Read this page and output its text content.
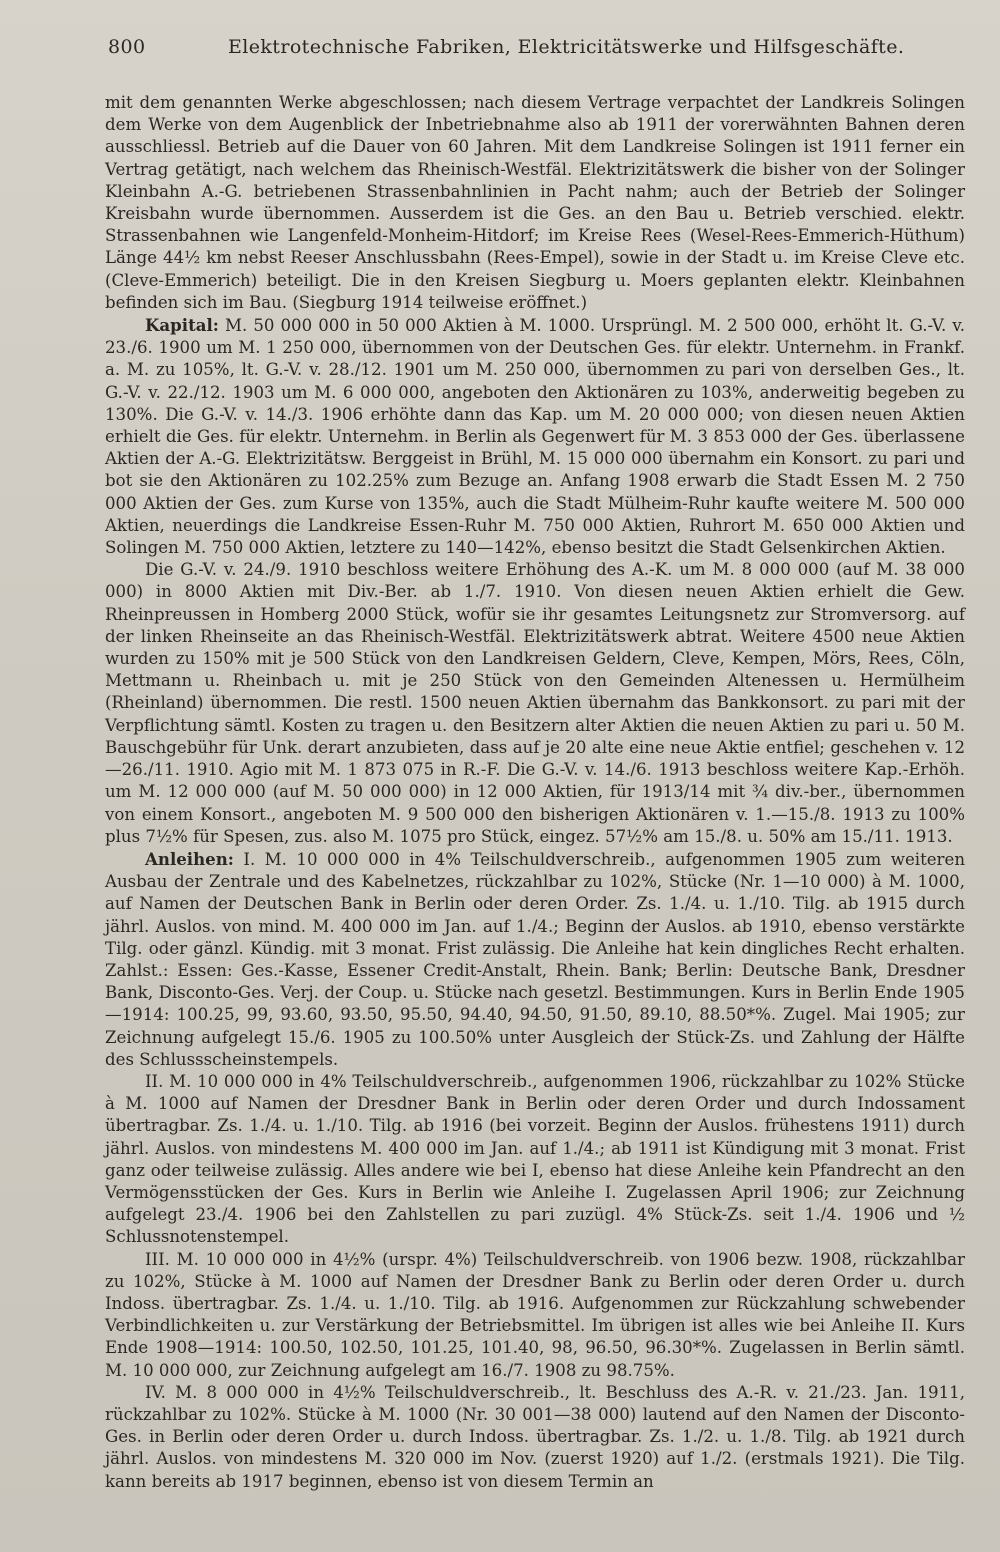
800	Elektrotechnische Fabriken, Elektricitätswerke und Hilfsgeschäfte.

mit dem genannten Werke abgeschlossen; nach diesem Vertrage verpachtet der Landkreis Solingen dem Werke von dem Augenblick der Inbetriebnahme also ab 1911 der vorerwähnten Bahnen deren ausschliessl. Betrieb auf die Dauer von 60 Jahren. Mit dem Landkreise Solingen ist 1911 ferner ein Vertrag getätigt, nach welchem das Rheinisch-Westfäl. Elektrizitätswerk die bisher von der Solinger Kleinbahn A.-G. betriebenen Strassenbahnlinien in Pacht nahm; auch der Betrieb der Solinger Kreisbahn wurde übernommen. Ausserdem ist die Ges. an den Bau u. Betrieb verschied. elektr. Strassenbahnen wie Langenfeld-Monheim-Hitdorf; im Kreise Rees (Wesel-Rees-Emmerich-Hüthum) Länge 44½ km nebst Reeser Anschlussbahn (Rees-Empel), sowie in der Stadt u. im Kreise Cleve etc. (Cleve-Emmerich) beteiligt. Die in den Kreisen Siegburg u. Moers geplanten elektr. Kleinbahnen befinden sich im Bau. (Siegburg 1914 teilweise eröffnet.)

Kapital: M. 50 000 000 in 50 000 Aktien à M. 1000. Ursprüngl. M. 2 500 000, erhöht lt. G.-V. v. 23./6. 1900 um M. 1 250 000, übernommen von der Deutschen Ges. für elektr. Unternehm. in Frankf. a. M. zu 105%, lt. G.-V. v. 28./12. 1901 um M. 250 000, übernommen zu pari von derselben Ges., lt. G.-V. v. 22./12. 1903 um M. 6 000 000, angeboten den Aktionären zu 103%, anderweitig begeben zu 130%. Die G.-V. v. 14./3. 1906 erhöhte dann das Kap. um M. 20 000 000; von diesen neuen Aktien erhielt die Ges. für elektr. Unternehm. in Berlin als Gegenwert für M. 3 853 000 der Ges. überlassene Aktien der A.-G. Elektrizitätsw. Berggeist in Brühl, M. 15 000 000 übernahm ein Konsort. zu pari und bot sie den Aktionären zu 102.25% zum Bezuge an. Anfang 1908 erwarb die Stadt Essen M. 2 750 000 Aktien der Ges. zum Kurse von 135%, auch die Stadt Mülheim-Ruhr kaufte weitere M. 500 000 Aktien, neuerdings die Landkreise Essen-Ruhr M. 750 000 Aktien, Ruhrort M. 650 000 Aktien und Solingen M. 750 000 Aktien, letztere zu 140—142%, ebenso besitzt die Stadt Gelsenkirchen Aktien.

Die G.-V. v. 24./9. 1910 beschloss weitere Erhöhung des A.-K. um M. 8 000 000 (auf M. 38 000 000) in 8000 Aktien mit Div.-Ber. ab 1./7. 1910. Von diesen neuen Aktien erhielt die Gew. Rheinpreussen in Homberg 2000 Stück, wofür sie ihr gesamtes Leitungsnetz zur Stromversorg. auf der linken Rheinseite an das Rheinisch-Westfäl. Elektrizitätswerk abtrat. Weitere 4500 neue Aktien wurden zu 150% mit je 500 Stück von den Landkreisen Geldern, Cleve, Kempen, Mörs, Rees, Cöln, Mettmann u. Rheinbach u. mit je 250 Stück von den Gemeinden Altenessen u. Hermülheim (Rheinland) übernommen. Die restl. 1500 neuen Aktien übernahm das Bankkonsort. zu pari mit der Verpflichtung sämtl. Kosten zu tragen u. den Besitzern alter Aktien die neuen Aktien zu pari u. 50 M. Bauschgebühr für Unk. derart anzubieten, dass auf je 20 alte eine neue Aktie entfiel; geschehen v. 12—26./11. 1910. Agio mit M. 1 873 075 in R.-F. Die G.-V. v. 14./6. 1913 beschloss weitere Kap.-Erhöh. um M. 12 000 000 (auf M. 50 000 000) in 12 000 Aktien, für 1913/14 mit ¾ div.-ber., übernommen von einem Konsort., angeboten M. 9 500 000 den bisherigen Aktionären v. 1.—15./8. 1913 zu 100% plus 7½% für Spesen, zus. also M. 1075 pro Stück, eingez. 57½% am 15./8. u. 50% am 15./11. 1913.

Anleihen: I. M. 10 000 000 in 4% Teilschuldverschreib., aufgenommen 1905 zum weiteren Ausbau der Zentrale und des Kabelnetzes, rückzahlbar zu 102%, Stücke (Nr. 1—10 000) à M. 1000, auf Namen der Deutschen Bank in Berlin oder deren Order. Zs. 1./4. u. 1./10. Tilg. ab 1915 durch jährl. Auslos. von mind. M. 400 000 im Jan. auf 1./4.; Beginn der Auslos. ab 1910, ebenso verstärkte Tilg. oder gänzl. Kündig. mit 3 monat. Frist zulässig. Die Anleihe hat kein dingliches Recht erhalten. Zahlst.: Essen: Ges.-Kasse, Essener Credit-Anstalt, Rhein. Bank; Berlin: Deutsche Bank, Dresdner Bank, Disconto-Ges. Verj. der Coup. u. Stücke nach gesetzl. Bestimmungen. Kurs in Berlin Ende 1905—1914: 100.25, 99, 93.60, 93.50, 95.50, 94.40, 94.50, 91.50, 89.10, 88.50*%. Zugel. Mai 1905; zur Zeichnung aufgelegt 15./6. 1905 zu 100.50% unter Ausgleich der Stück-Zs. und Zahlung der Hälfte des Schlussscheinstempels.

II. M. 10 000 000 in 4% Teilschuldverschreib., aufgenommen 1906, rückzahlbar zu 102% Stücke à M. 1000 auf Namen der Dresdner Bank in Berlin oder deren Order und durch Indossament übertragbar. Zs. 1./4. u. 1./10. Tilg. ab 1916 (bei vorzeit. Beginn der Auslos. frühestens 1911) durch jährl. Auslos. von mindestens M. 400 000 im Jan. auf 1./4.; ab 1911 ist Kündigung mit 3 monat. Frist ganz oder teilweise zulässig. Alles andere wie bei I, ebenso hat diese Anleihe kein Pfandrecht an den Vermögensstücken der Ges. Kurs in Berlin wie Anleihe I. Zugelassen April 1906; zur Zeichnung aufgelegt 23./4. 1906 bei den Zahlstellen zu pari zuzügl. 4% Stück-Zs. seit 1./4. 1906 und ½ Schlussnotenstempel.

III. M. 10 000 000 in 4½% (urspr. 4%) Teilschuldverschreib. von 1906 bezw. 1908, rückzahlbar zu 102%, Stücke à M. 1000 auf Namen der Dresdner Bank zu Berlin oder deren Order u. durch Indoss. übertragbar. Zs. 1./4. u. 1./10. Tilg. ab 1916. Aufgenommen zur Rückzahlung schwebender Verbindlichkeiten u. zur Verstärkung der Betriebsmittel. Im übrigen ist alles wie bei Anleihe II. Kurs Ende 1908—1914: 100.50, 102.50, 101.25, 101.40, 98, 96.50, 96.30*%. Zugelassen in Berlin sämtl. M. 10 000 000, zur Zeichnung aufgelegt am 16./7. 1908 zu 98.75%.

IV. M. 8 000 000 in 4½% Teilschuldverschreib., lt. Beschluss des A.-R. v. 21./23. Jan. 1911, rückzahlbar zu 102%. Stücke à M. 1000 (Nr. 30 001—38 000) lautend auf den Namen der Disconto-Ges. in Berlin oder deren Order u. durch Indoss. übertragbar. Zs. 1./2. u. 1./8. Tilg. ab 1921 durch jährl. Auslos. von mindestens M. 320 000 im Nov. (zuerst 1920) auf 1./2. (erstmals 1921). Die Tilg. kann bereits ab 1917 beginnen, ebenso ist von diesem Termin an
